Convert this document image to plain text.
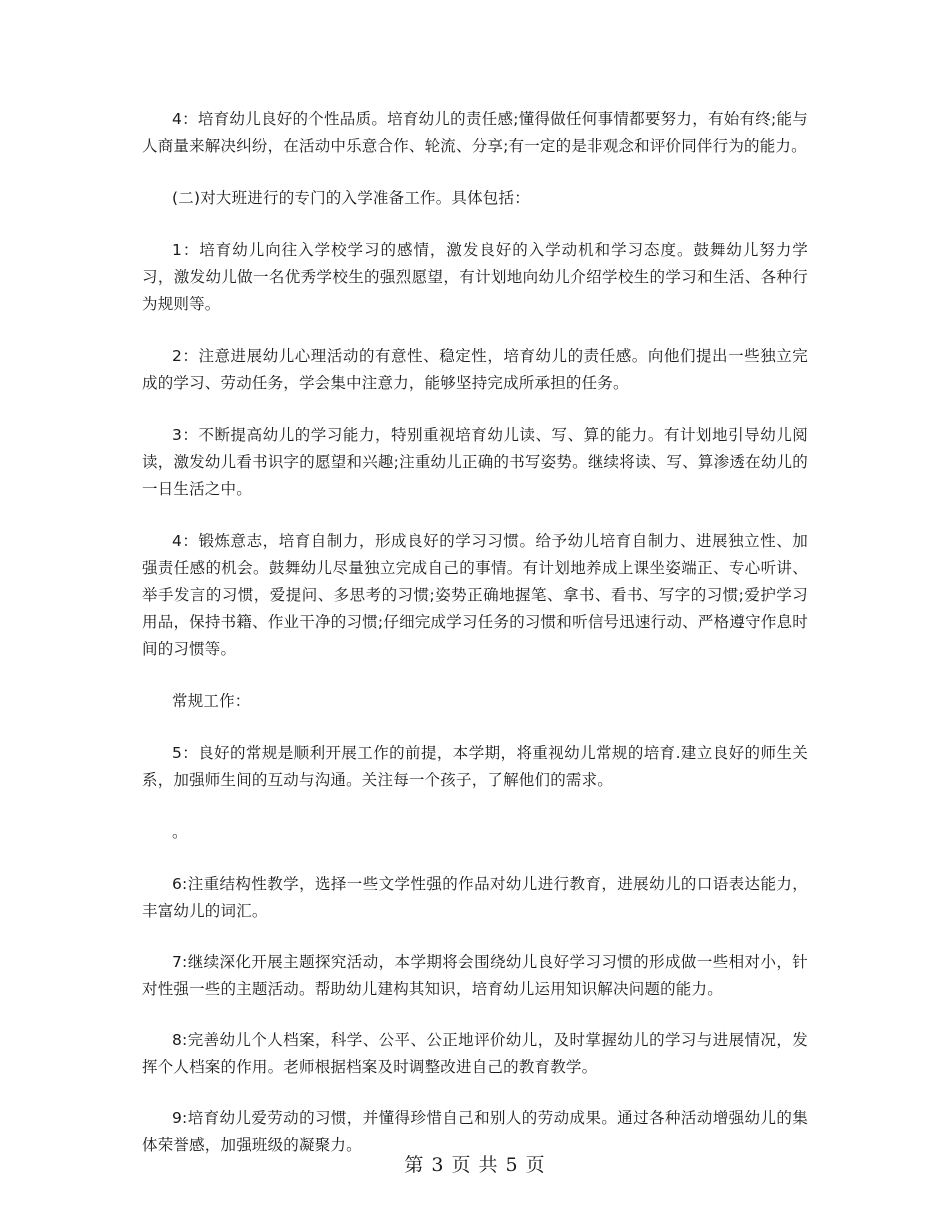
4：培育幼儿良好的个性品质。培育幼儿的责任感;懂得做任何事情都要努力，有始有终;能与人商量来解决纠纷，在活动中乐意合作、轮流、分享;有一定的是非观念和评价同伴行为的能力。

(二)对大班进行的专门的入学准备工作。具体包括：

1：培育幼儿向往入学校学习的感情，激发良好的入学动机和学习态度。鼓舞幼儿努力学习，激发幼儿做一名优秀学校生的强烈愿望，有计划地向幼儿介绍学校生的学习和生活、各种行为规则等。

2：注意进展幼儿心理活动的有意性、稳定性，培育幼儿的责任感。向他们提出一些独立完成的学习、劳动任务，学会集中注意力，能够坚持完成所承担的任务。

3：不断提高幼儿的学习能力，特别重视培育幼儿读、写、算的能力。有计划地引导幼儿阅读，激发幼儿看书识字的愿望和兴趣;注重幼儿正确的书写姿势。继续将读、写、算渗透在幼儿的一日生活之中。

4：锻炼意志，培育自制力，形成良好的学习习惯。给予幼儿培育自制力、进展独立性、加强责任感的机会。鼓舞幼儿尽量独立完成自己的事情。有计划地养成上课坐姿端正、专心听讲、举手发言的习惯，爱提问、多思考的习惯;姿势正确地握笔、拿书、看书、写字的习惯;爱护学习用品，保持书籍、作业干净的习惯;仔细完成学习任务的习惯和听信号迅速行动、严格遵守作息时间的习惯等。

常规工作：

5：良好的常规是顺利开展工作的前提，本学期，将重视幼儿常规的培育.建立良好的师生关系，加强师生间的互动与沟通。关注每一个孩子，了解他们的需求。

。

6:注重结构性教学，选择一些文学性强的作品对幼儿进行教育，进展幼儿的口语表达能力，丰富幼儿的词汇。

7:继续深化开展主题探究活动，本学期将会围绕幼儿良好学习习惯的形成做一些相对小，针对性强一些的主题活动。帮助幼儿建构其知识，培育幼儿运用知识解决问题的能力。

8:完善幼儿个人档案，科学、公平、公正地评价幼儿，及时掌握幼儿的学习与进展情况，发挥个人档案的作用。老师根据档案及时调整改进自己的教育教学。

9:培育幼儿爱劳动的习惯，并懂得珍惜自己和别人的劳动成果。通过各种活动增强幼儿的集体荣誉感，加强班级的凝聚力。

第 3 页 共 5 页
